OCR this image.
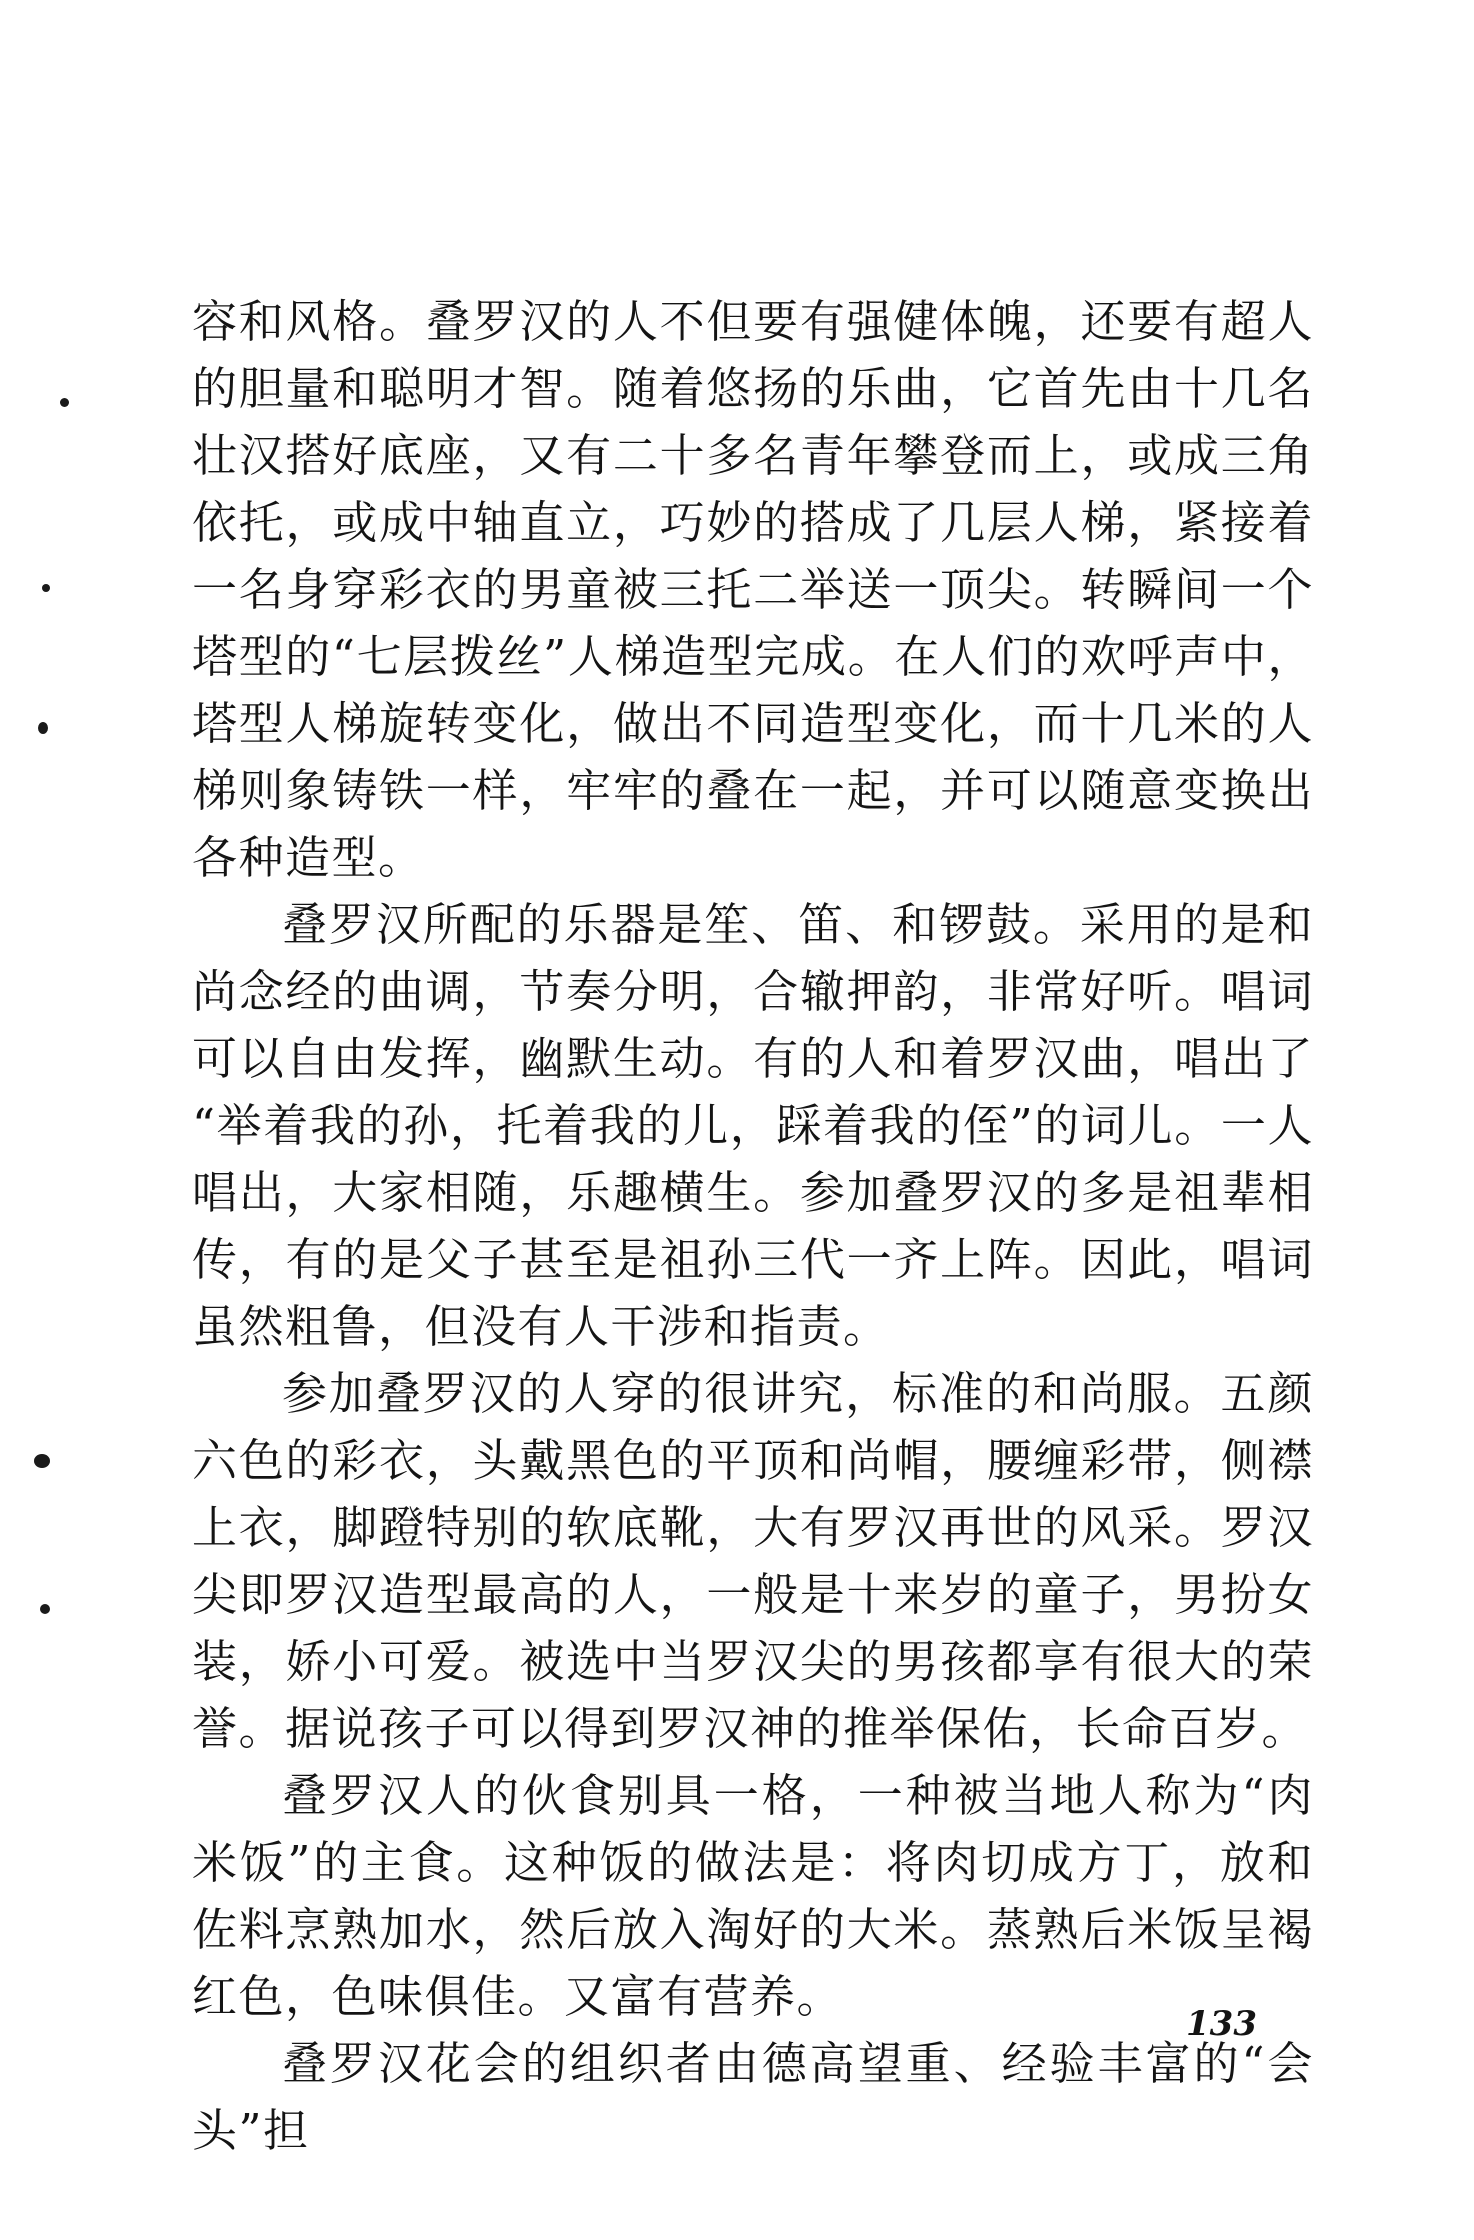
容和风格。叠罗汉的人不但要有强健体魄，还要有超人的胆量和聪明才智。随着悠扬的乐曲，它首先由十几名壮汉搭好底座，又有二十多名青年攀登而上，或成三角依托，或成中轴直立，巧妙的搭成了几层人梯，紧接着一名身穿彩衣的男童被三托二举送一顶尖。转瞬间一个塔型的“七层拨丝”人梯造型完成。在人们的欢呼声中，塔型人梯旋转变化，做出不同造型变化，而十几米的人梯则象铸铁一样，牢牢的叠在一起，并可以随意变换出各种造型。

叠罗汉所配的乐器是笙、笛、和锣鼓。采用的是和尚念经的曲调，节奏分明，合辙押韵，非常好听。唱词可以自由发挥，幽默生动。有的人和着罗汉曲，唱出了“举着我的孙，托着我的儿，踩着我的侄”的词儿。一人唱出，大家相随，乐趣横生。参加叠罗汉的多是祖辈相传，有的是父子甚至是祖孙三代一齐上阵。因此，唱词虽然粗鲁，但没有人干涉和指责。

参加叠罗汉的人穿的很讲究，标准的和尚服。五颜六色的彩衣，头戴黑色的平顶和尚帽，腰缠彩带，侧襟上衣，脚蹬特别的软底靴，大有罗汉再世的风采。罗汉尖即罗汉造型最高的人，一般是十来岁的童子，男扮女装，娇小可爱。被选中当罗汉尖的男孩都享有很大的荣誉。据说孩子可以得到罗汉神的推举保佑，长命百岁。

叠罗汉人的伙食别具一格，一种被当地人称为“肉米饭”的主食。这种饭的做法是：将肉切成方丁，放和佐料烹熟加水，然后放入淘好的大米。蒸熟后米饭呈褐红色，色味俱佳。又富有营养。

叠罗汉花会的组织者由德高望重、经验丰富的“会头”担

133
